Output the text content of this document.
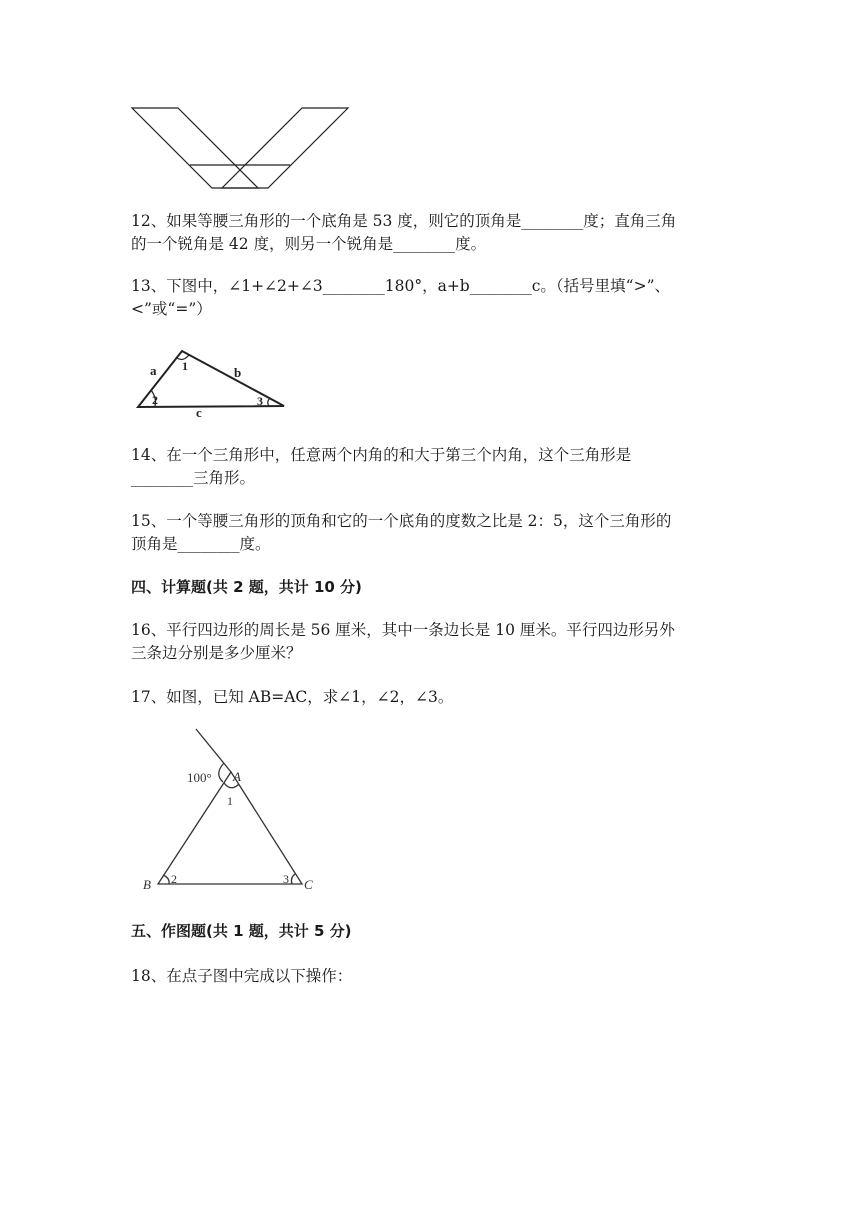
12、如果等腰三角形的一个底角是 53 度，则它的顶角是________度；直角三角
的一个锐角是 42 度，则另一个锐角是________度。
13、下图中，∠1+∠2+∠3________180°，a+b________c。（括号里填“>”、
<”或“=”）
a	b
c
1
2	3
14、在一个三角形中，任意两个内角的和大于第三个内角，这个三角形是
________三角形。
15、一个等腰三角形的顶角和它的一个底角的度数之比是 2：5，这个三角形的
顶角是________度。
四、计算题(共 2 题，共计 10 分)
16、平行四边形的周长是 56 厘米，其中一条边长是 10 厘米。平行四边形另外
三条边分别是多少厘米？
17、如图，已知 AB=AC，求∠1，∠2，∠3。
100° A
1
B 2	3 C
五、作图题(共 1 题，共计 5 分)
18、在点子图中完成以下操作：
